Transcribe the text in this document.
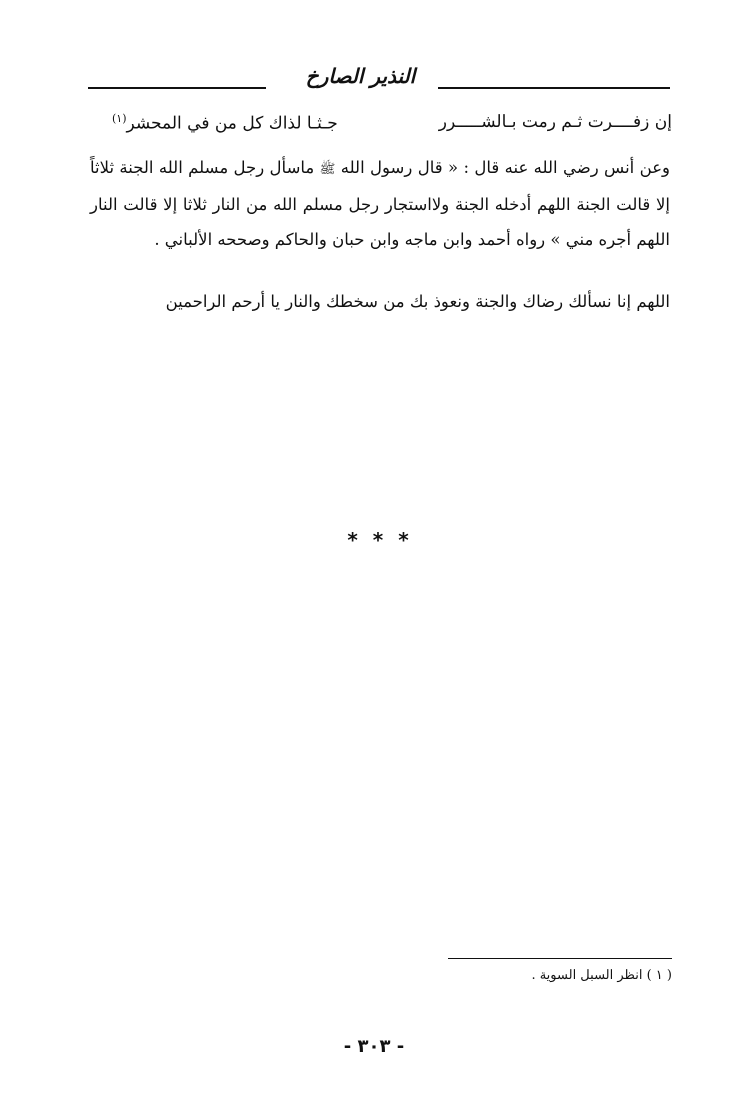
النذير الصارخ
إن زفــــرت ثـم رمت بـالشـــــرر
جـثـا لذاك كل من في المحشر$^{(١)}$
وعن أنس رضي الله عنه قال : « قال رسول الله ﷺ ماسأل رجل مسلم الله الجنة ثلاثاً إلا قالت الجنة اللهم أدخله الجنة ولااستجار رجل مسلم الله من النار ثلاثا إلا قالت النار اللهم أجره مني » رواه أحمد وابن ماجه وابن حبان والحاكم وصححه الألباني .
اللهم إنا نسألك رضاك والجنة ونعوذ بك من سخطك والنار يا أرحم الراحمين
* * *
( ١ ) انظر السبل السوية .
- ٣٠٣ -
